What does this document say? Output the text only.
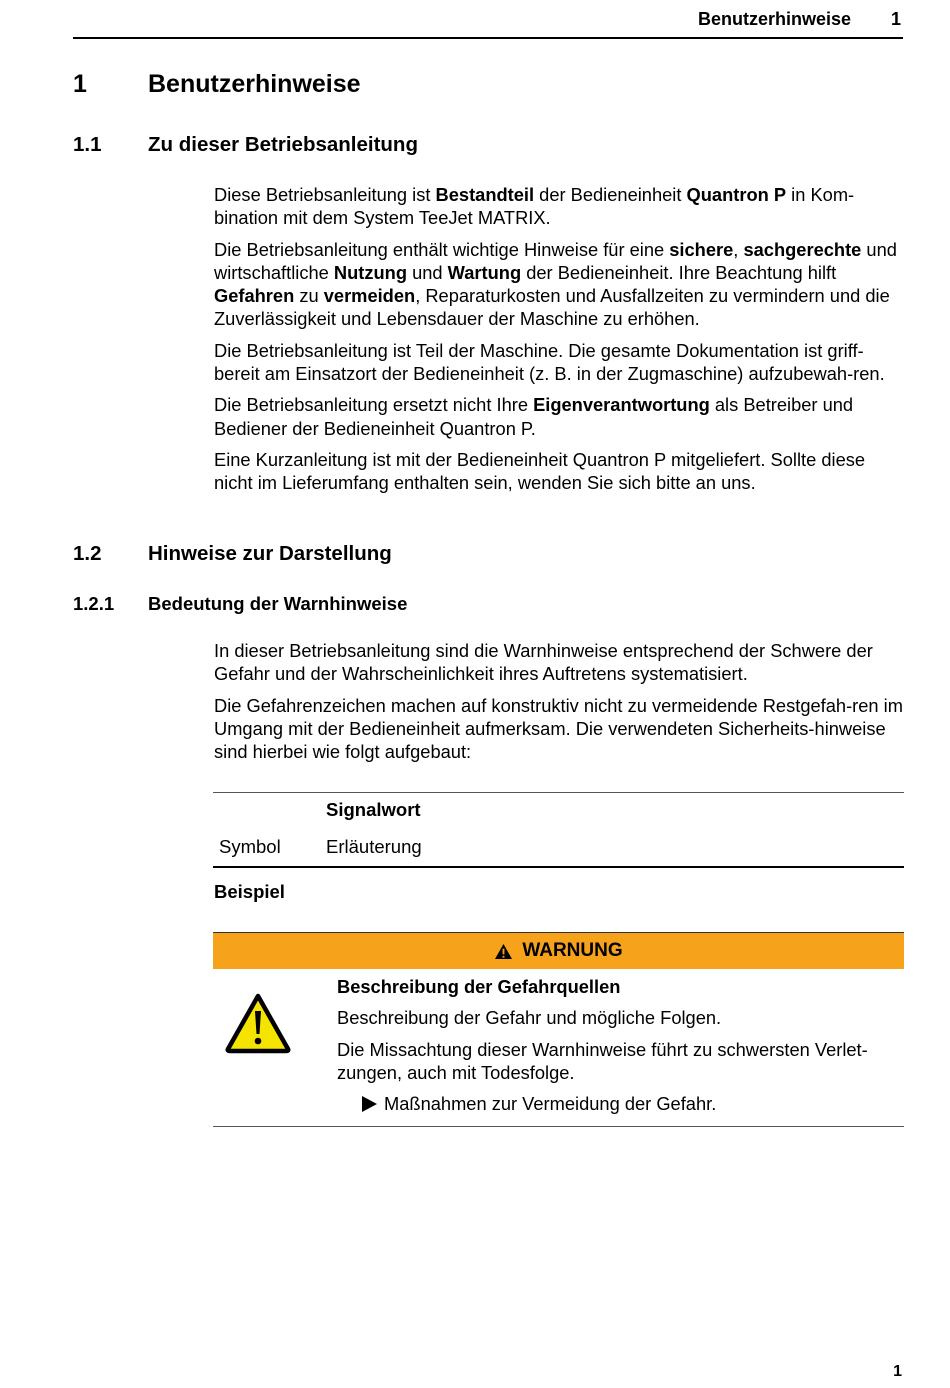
Benutzerhinweise 1
1 Benutzerhinweise
1.1 Zu dieser Betriebsanleitung

Diese Betriebsanleitung ist Bestandteil der Bedieneinheit Quantron P in Kom-bination mit dem System TeeJet MATRIX.

Die Betriebsanleitung enthält wichtige Hinweise für eine sichere, sachgerechte und wirtschaftliche Nutzung und Wartung der Bedieneinheit. Ihre Beachtung hilft Gefahren zu vermeiden, Reparaturkosten und Ausfallzeiten zu vermindern und die Zuverlässigkeit und Lebensdauer der Maschine zu erhöhen.

Die Betriebsanleitung ist Teil der Maschine. Die gesamte Dokumentation ist griff-bereit am Einsatzort der Bedieneinheit (z. B. in der Zugmaschine) aufzubewah-ren.

Die Betriebsanleitung ersetzt nicht Ihre Eigenverantwortung als Betreiber und Bediener der Bedieneinheit Quantron P.

Eine Kurzanleitung ist mit der Bedieneinheit Quantron P mitgeliefert. Sollte diese nicht im Lieferumfang enthalten sein, wenden Sie sich bitte an uns.

1.2 Hinweise zur Darstellung
1.2.1 Bedeutung der Warnhinweise

In dieser Betriebsanleitung sind die Warnhinweise entsprechend der Schwere der Gefahr und der Wahrscheinlichkeit ihres Auftretens systematisiert.

Die Gefahrenzeichen machen auf konstruktiv nicht zu vermeidende Restgefah-ren im Umgang mit der Bedieneinheit aufmerksam. Die verwendeten Sicherheits-hinweise sind hierbei wie folgt aufgebaut:

Signalwort
Symbol Erläuterung
Beispiel
WARNUNG

Beschreibung der Gefahrquellen

Beschreibung der Gefahr und mögliche Folgen.

Die Missachtung dieser Warnhinweise führt zu schwersten Verlet-zungen, auch mit Todesfolge.

Maßnahmen zur Vermeidung der Gefahr.

1
